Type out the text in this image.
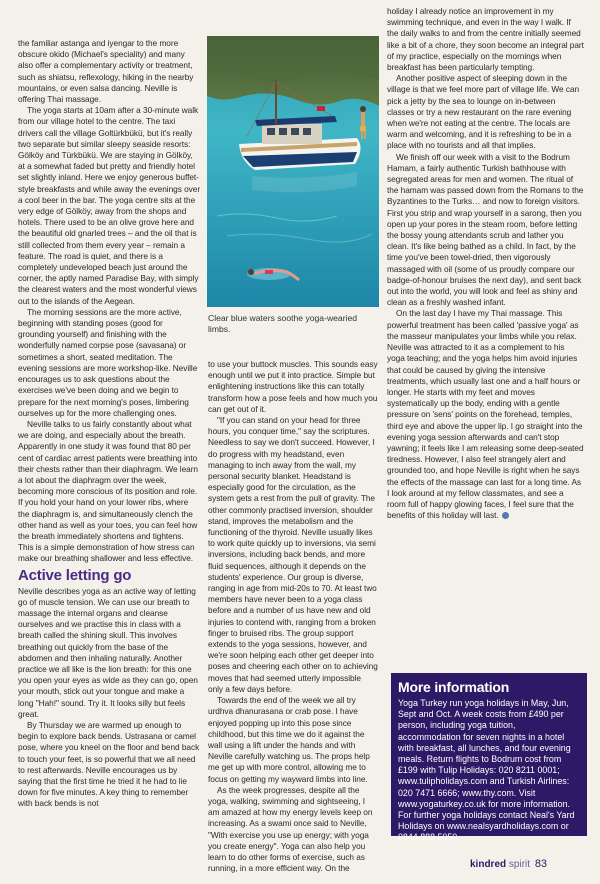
the familiar astanga and iyengar to the more obscure okido (Michael's speciality) and many also offer a complementary activity or treatment, such as shiatsu, reflexology, hiking in the nearby mountains, or even salsa dancing. Neville is offering Thai massage.

The yoga starts at 10am after a 30-minute walk from our village hotel to the centre. The taxi drivers call the village Goltürkbükü, but it's really two separate but similar sleepy seaside resorts: Gölköy and Türkbükü. We are staying in Gölköy, at a somewhat faded but pretty and friendly hotel set slightly inland. Here we enjoy generous buffet-style breakfasts and while away the evenings over a cool beer in the bar. The yoga centre sits at the very edge of Gölköy, away from the shops and hotels. There used to be an olive grove here and the beautiful old gnarled trees – and the oil that is still collected from them every year – remain a feature. The road is quiet, and there is a completely undeveloped beach just around the corner, the aptly named Paradise Bay, with simply the clearest waters and the most wonderful views out to the islands of the Aegean.

The morning sessions are the more active, beginning with standing poses (good for grounding yourself) and finishing with the wonderfully named corpse pose (savasana) or sometimes a short, seated meditation. The evening sessions are more workshop-like. Neville encourages us to ask questions about the exercises we've been doing and we begin to prepare for the next morning's poses, limbering ourselves up for the more challenging ones.

Neville talks to us fairly constantly about what we are doing, and especially about the breath. Apparently in one study it was found that 80 per cent of cardiac arrest patients were breathing into their chests rather than their diaphragm. We learn a lot about the diaphragm over the week, becoming more conscious of its position and role. If you hold your hand on your lower ribs, where the diaphragm is, and simultaneously clench the other hand as well as your toes, you can feel how the breath immediately shortens and tightens. This is a simple demonstration of how stress can make our breathing shallower and less effective.

Active letting go

Neville describes yoga as an active way of letting go of muscle tension. We can use our breath to massage the internal organs and cleanse ourselves and we practise this in class with a breath called the shining skull. This involves breathing out quickly from the base of the abdomen and then inhaling naturally. Another practice we all like is the lion breath: for this one you open your eyes as wide as they can go, open your mouth, stick out your tongue and make a long "Hah!" sound. Try it. It looks silly but feels great.

By Thursday we are warmed up enough to begin to explore back bends. Ustrasana or camel pose, where you kneel on the floor and bend back to touch your feet, is so powerful that we all need to rest afterwards. Neville encourages us by saying that the first time he tried it he had to lie down for five minutes. A key thing to remember with back bends is not

Clear blue waters soothe yoga-wearied limbs.

to use your buttock muscles. This sounds easy enough until we put it into practice. Simple but enlightening instructions like this can totally transform how a pose feels and how much you can get out of it.

"If you can stand on your head for three hours, you conquer time," say the scriptures. Needless to say we don't succeed. However, I do progress with my headstand, even managing to inch away from the wall, my personal security blanket. Headstand is especially good for the circulation, as the system gets a rest from the pull of gravity. The other commonly practised inversion, shoulder stand, improves the metabolism and the functioning of the thyroid. Neville usually likes to work quite quickly up to inversions, via semi inversions, including back bends, and more fluid sequences, although it depends on the students' experience. Our group is diverse, ranging in age from mid-20s to 70. At least two members have never been to a yoga class before and a number of us have new and old injuries to contend with, ranging from a broken finger to bruised ribs. The group support extends to the yoga sessions, however, and we're soon helping each other get deeper into poses and cheering each other on to achieving moves that had seemed utterly impossible only a few days before.

Towards the end of the week we all try urdhva dhanurasana or crab pose. I have enjoyed popping up into this pose since childhood, but this time we do it against the wall using a lift under the hands and with Neville carefully watching us. The props help me get up with more control, allowing me to focus on getting my wayward limbs into line.

As the week progresses, despite all the yoga, walking, swimming and sightseeing, I am amazed at how my energy levels keep on increasing. As a swami once said to Neville, "With exercise you use up energy; with yoga you create energy". Yoga can also help you learn to do other forms of exercise, such as running, in a more efficient way. On the

holiday I already notice an improvement in my swimming technique, and even in the way I walk. If the daily walks to and from the centre initially seemed like a bit of a chore, they soon become an integral part of my practice, especially on the mornings when breakfast has been particularly tempting.

Another positive aspect of sleeping down in the village is that we feel more part of village life. We can pick a jetty by the sea to lounge on in-between classes or try a new restaurant on the rare evening when we're not eating at the centre. The locals are warm and welcoming, and it is refreshing to be in a place with no tourists and all that implies.

We finish off our week with a visit to the Bodrum Hamam, a fairly authentic Turkish bathhouse with segregated areas for men and women. The ritual of the hamam was passed down from the Romans to the Byzantines to the Turks… and now to foreign visitors. First you strip and wrap yourself in a sarong, then you open up your pores in the steam room, before letting the bossy young attendants scrub and lather you clean. It's like being bathed as a child. In fact, by the time you've been towel-dried, then vigorously massaged with oil (some of us proudly compare our badge-of-honour bruises the next day), and sent back out into the world, you will look and feel as shiny and clean as a freshly washed infant.

On the last day I have my Thai massage. This powerful treatment has been called 'passive yoga' as the masseur manipulates your limbs while you relax. Neville was attracted to it as a complement to his yoga teaching; and the yoga helps him avoid injuries that could be caused by giving the intensive treatments, which usually last one and a half hours or longer. He starts with my feet and moves systematically up the body, ending with a gentle pressure on 'sens' points on the forehead, temples, third eye and above the upper lip. I go straight into the evening yoga session afterwards and can't stop yawning; it feels like I am releasing some deep-seated tiredness. However, I also feel strangely alert and grounded too, and hope Neville is right when he says the effects of the massage can last for a long time. As I look around at my fellow classmates, and see a room full of happy glowing faces, I feel sure that the benefits of this holiday will last.

More information
Yoga Turkey run yoga holidays in May, Jun, Sept and Oct. A week costs from £490 per person, including yoga tuition, accommodation for seven nights in a hotel with breakfast, all lunches, and four evening meals. Return flights to Bodrum cost from £199 with Tulip Holidays: 020 8211 0001; www.tulipholidays.com and Turkish Airlines: 020 7471 6666; www.thy.com. Visit www.yogaturkey.co.uk for more information. For further yoga holidays contact Neal's Yard Holidays on www.nealsyardholidays.com or 0844 888 5050.
kindred spirit 83
